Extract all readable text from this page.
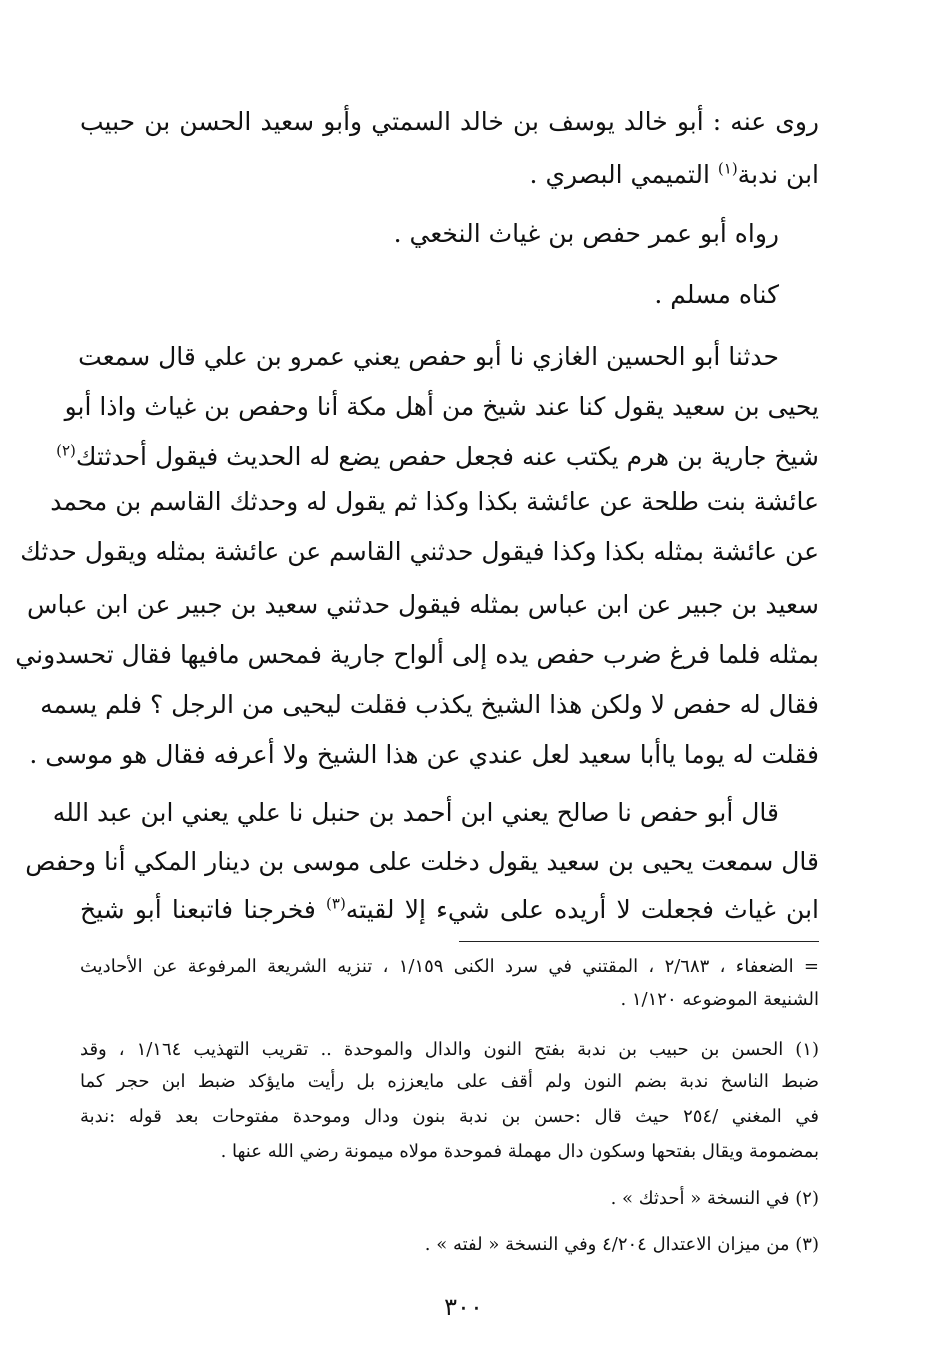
روى عنه : أبو خالد يوسف بن خالد السمتي وأبو سعيد الحسن بن حبيب
ابن ندبة$^{(١)}$ التميمي البصري .
رواه أبو عمر حفص بن غياث النخعي .
كناه مسلم .
حدثنا أبو الحسين الغازي نا أبو حفص يعني عمرو بن علي قال سمعت
يحيى بن سعيد يقول كنا عند شيخ من أهل مكة أنا وحفص بن غياث واذا أبو
شيخ جارية بن هرم يكتب عنه فجعل حفص يضع له الحديث فيقول أحدثتك$^{(٢)}$
عائشة بنت طلحة عن عائشة بكذا وكذا ثم يقول له وحدثك القاسم بن محمد
عن عائشة بمثله بكذا وكذا فيقول حدثني القاسم عن عائشة بمثله ويقول حدثك
سعيد بن جبير عن ابن عباس بمثله فيقول حدثني سعيد بن جبير عن ابن عباس
بمثله فلما فرغ ضرب حفص يده إلى ألواح جارية فمحس مافيها فقال تحسدوني
فقال له حفص لا ولكن هذا الشيخ يكذب فقلت ليحيى من الرجل ؟ فلم يسمه
فقلت له يوما ياأبا سعيد لعل عندي عن هذا الشيخ ولا أعرفه فقال هو موسى .
قال أبو حفص نا صالح يعني ابن أحمد بن حنبل نا علي يعني ابن عبد الله
قال سمعت يحيى بن سعيد يقول دخلت على موسى بن دينار المكي أنا وحفص
ابن غياث فجعلت لا أريده على شيء إلا لقيته$^{(٣)}$ فخرجنا فاتبعنا أبو شيخ
= الضعفاء ، ٢/٦٨٣ ، المقتني في سرد الكنى ١/١٥٩ ، تنزيه الشريعة المرفوعة عن الأحاديث
الشنيعة الموضوعه ١/١٢٠ .
(١) الحسن بن حبيب بن ندبة بفتح النون والدال والموحدة .. تقريب التهذيب ١/١٦٤ ، وقد
ضبط الناسخ ندبة بضم النون ولم أقف على مايعززه بل رأيت مايؤكد ضبط ابن حجر كما
في المغني /٢٥٤ حيث قال :حسن بن ندبة بنون ودال وموحدة مفتوحات بعد قوله :ندبة
بمضمومة ويقال بفتحها وسكون دال مهملة فموحدة مولاه ميمونة رضي الله عنها .
(٢) في النسخة « أحدثك » .
(٣) من ميزان الاعتدال ٤/٢٠٤ وفي النسخة « لفته » .
٣٠٠
